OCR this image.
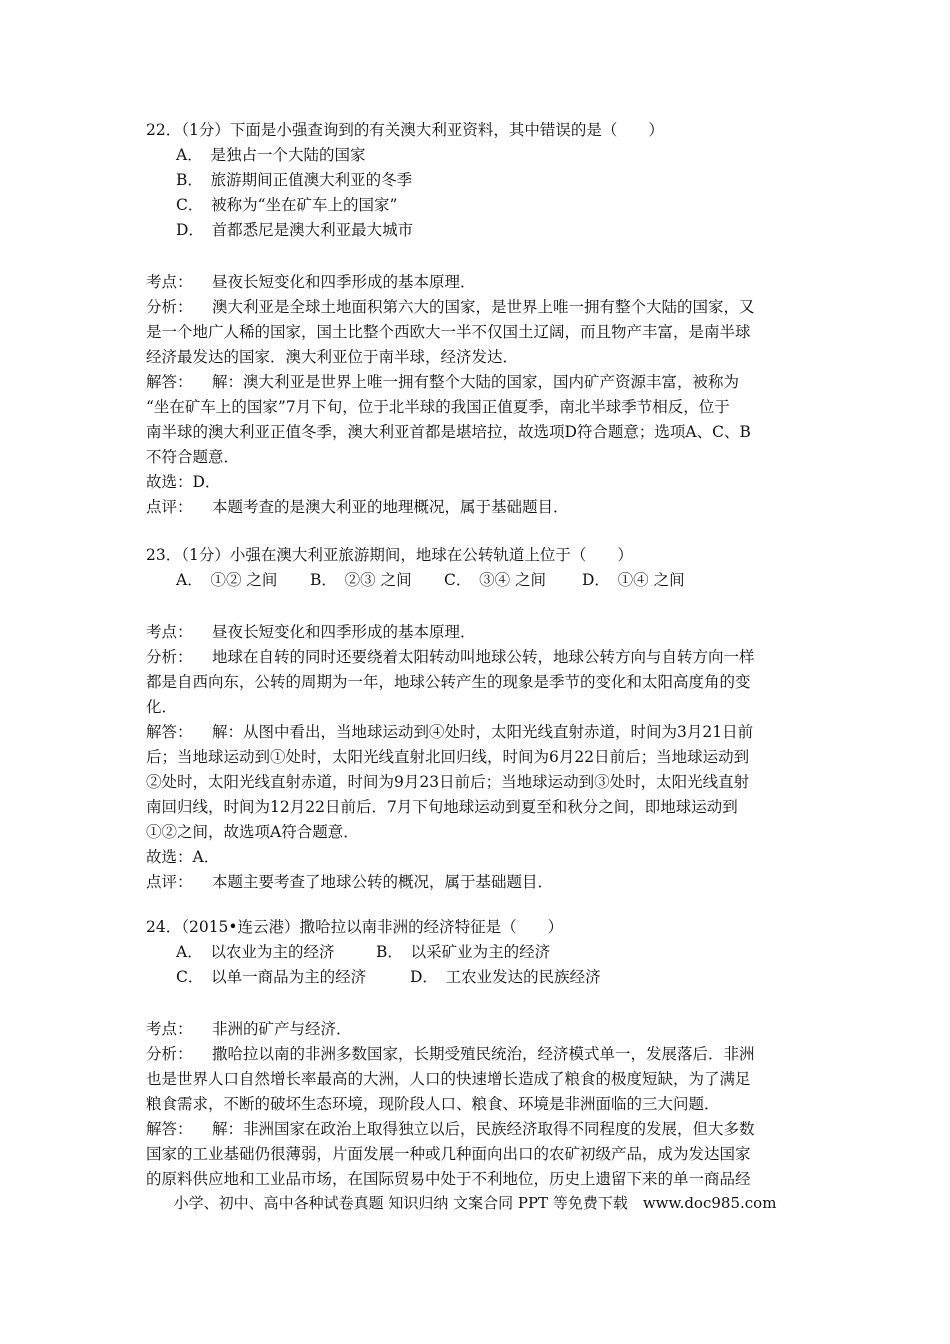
22．（1分）下面是小强查询到的有关澳大利亚资料，其中错误的是（　　）
A．　是独占一个大陆的国家
B．　旅游期间正值澳大利亚的冬季
C．　被称为“坐在矿车上的国家”
D．　首都悉尼是澳大利亚最大城市
考点： 昼夜长短变化和四季形成的基本原理．
分析： 澳大利亚是全球土地面积第六大的国家，是世界上唯一拥有整个大陆的国家，又
是一个地广人稀的国家，国土比整个西欧大一半不仅国土辽阔，而且物产丰富，是南半球
经济最发达的国家．澳大利亚位于南半球，经济发达．
解答： 解：澳大利亚是世界上唯一拥有整个大陆的国家，国内矿产资源丰富，被称为
“坐在矿车上的国家”7月下旬，位于北半球的我国正值夏季，南北半球季节相反，位于
南半球的澳大利亚正值冬季，澳大利亚首都是堪培拉，故选项D符合题意；选项A、C、B
不符合题意．
故选：D．
点评： 本题考查的是澳大利亚的地理概况，属于基础题目．
23．（1分）小强在澳大利亚旅游期间，地球在公转轨道上位于（　　）
A．　①② 之间 B．　②③ 之间 C．　③④ 之间 D．　①④ 之间
考点： 昼夜长短变化和四季形成的基本原理．
分析： 地球在自转的同时还要绕着太阳转动叫地球公转，地球公转方向与自转方向一样
都是自西向东，公转的周期为一年，地球公转产生的现象是季节的变化和太阳高度角的变
化．
解答： 解：从图中看出，当地球运动到④处时，太阳光线直射赤道，时间为3月21日前
后；当地球运动到①处时，太阳光线直射北回归线，时间为6月22日前后；当地球运动到
②处时，太阳光线直射赤道，时间为9月23日前后；当地球运动到③处时，太阳光线直射
南回归线，时间为12月22日前后．7月下旬地球运动到夏至和秋分之间，即地球运动到
①②之间，故选项A符合题意．
故选：A．
点评： 本题主要考查了地球公转的概况，属于基础题目．
24．（2015•连云港）撒哈拉以南非洲的经济特征是（　　）
A．　以农业为主的经济	B．　以采矿业为主的经济
C．　以单一商品为主的经济	D．　工农业发达的民族经济
考点： 非洲的矿产与经济．
分析： 撒哈拉以南的非洲多数国家，长期受殖民统治，经济模式单一，发展落后．非洲
也是世界人口自然增长率最高的大洲，人口的快速增长造成了粮食的极度短缺，为了满足
粮食需求，不断的破坏生态环境，现阶段人口、粮食、环境是非洲面临的三大问题．
解答： 解：非洲国家在政治上取得独立以后，民族经济取得不同程度的发展，但大多数
国家的工业基础仍很薄弱，片面发展一种或几种面向出口的农矿初级产品，成为发达国家
的原料供应地和工业品市场，在国际贸易中处于不利地位，历史上遗留下来的单一商品经
小学、初中、高中各种试卷真题 知识归纳 文案合同 PPT 等免费下载　www.doc985.com
